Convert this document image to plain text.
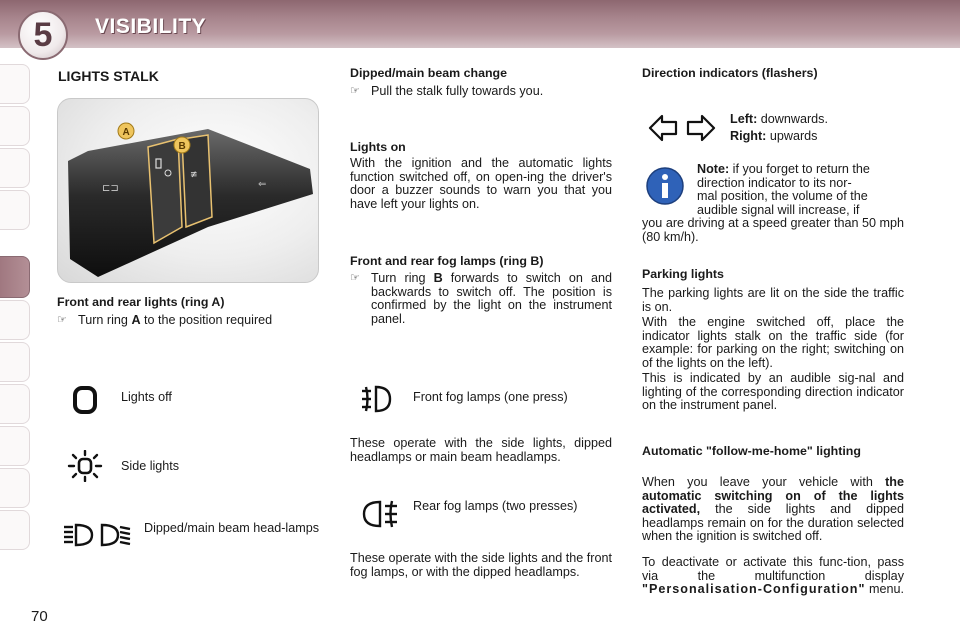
5	VISIBILITY
LIGHTS STALK
≢
⊏⊐	⇐
A
B
Front and rear lights (ring A)
☞ Turn ring A to the position required
Lights off
Side lights
Dipped/main beam head-lamps
Dipped/main beam change
☞ Pull the stalk fully towards you.
Lights on
With the ignition and the automatic lights function switched off, on open-ing the driver's door a buzzer sounds to warn you that you have left your lights on.
Front and rear fog lamps (ring B)
☞ Turn ring B forwards to switch on and backwards to switch off. The position is confirmed by the light on the instrument panel.
Front fog lamps (one press)
These operate with the side lights, dipped headlamps or main beam headlamps.
Rear fog lamps (two presses)
These operate with the side lights and the front fog lamps, or with the dipped headlamps.
Direction indicators (flashers)
Left: downwards.
Right: upwards
Note: if you forget to return the
direction indicator to its nor-
mal position, the volume of the
audible signal will increase, if
you are driving at a speed greater than 50 mph (80 km/h).
Parking lights
The parking lights are lit on the side the traffic is on.
With the engine switched off, place the indicator lights stalk on the traffic side (for example: for parking on the right; switching on of the lights on the left).
This is indicated by an audible sig-nal and lighting of the corresponding direction indicator on the instrument panel.
Automatic "follow-me-home" lighting
When you leave your vehicle with the automatic switching on of the lights activated, the side lights and dipped headlamps remain on for the duration selected when the ignition is switched off.
To deactivate or activate this func-tion, pass via the multifunction display "Personalisation-Configuration" menu.
70
